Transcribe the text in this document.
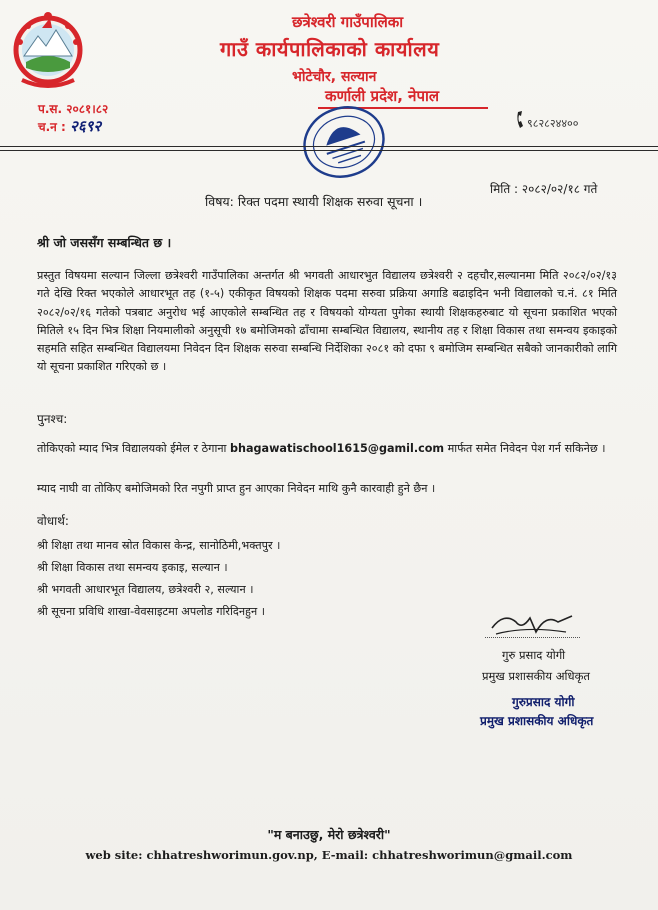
छत्रेश्वरी गाउँपालिका
गाउँ कार्यपालिकाको कार्यालय
भोटेचौर, सल्यान
कर्णाली प्रदेश, नेपाल
प.स. २०८१।८२
च.न : २६९२	९८२८२४४००
मिति : २०८२/०२/१८ गते
विषय: रिक्त पदमा स्थायी शिक्षक सरुवा सूचना ।
श्री जो जससँग सम्बन्धित छ ।
प्रस्तुत विषयमा सल्यान जिल्ला छत्रेश्वरी गाउँपालिका अन्तर्गत श्री भगवती आधारभुत विद्यालय छत्रेश्वरी २ दहचौर,सल्यानमा मिति २०८२/०२/१३ गते देखि रिक्त भएकोले आधारभूत तह (१-५) एकीकृत विषयको शिक्षक पदमा सरुवा प्रक्रिया अगाडि बढाइदिन भनी विद्यालको च.नं. ८१ मिति २०८२/०२/१६ गतेको पत्रबाट अनुरोध भई आएकोले सम्बन्धित तह र विषयको योग्यता पुगेका स्थायी शिक्षकहरुबाट यो सूचना प्रकाशित भएको मितिले १५ दिन भित्र शिक्षा नियमालीको अनुसूची १७ बमोजिमको ढाँचामा सम्बन्धित विद्यालय, स्थानीय तह र शिक्षा विकास तथा समन्वय इकाइको सहमति सहित सम्बन्धित विद्यालयमा निवेदन दिन शिक्षक सरुवा सम्बन्धि निर्देशिका २०८१ को दफा ९ बमोजिम सम्बन्धित सबैको जानकारीको लागि यो सूचना प्रकाशित गरिएको छ ।
पुनश्च:
तोकिएको म्याद भित्र विद्यालयको ईमेल र ठेगाना bhagawatischool1615@gamil.com मार्फत समेत निवेदन पेश गर्न सकिनेछ ।
म्याद नाघी वा तोकिए बमोजिमको रित नपुगी प्राप्त हुन आएका निवेदन माथि कुनै कारवाही हुने छैन ।
वोधार्थ:
श्री शिक्षा तथा मानव स्रोत विकास केन्द्र, सानोठिमी,भक्तपुर ।
श्री शिक्षा विकास तथा समन्वय इकाइ, सल्यान ।
श्री भगवती आधारभूत विद्यालय, छत्रेश्वरी २, सल्यान ।
श्री सूचना प्रविधि शाखा-वेवसाइटमा अपलोड गरिदिनहुन ।
गुरु प्रसाद योगी
प्रमुख प्रशासकीय अधिकृत
गुरुप्रसाद योगी
प्रमुख प्रशासकीय अधिकृत
"म बनाउछु, मेरो छत्रेश्वरी"
web site: chhatreshworimun.gov.np, E-mail: chhatreshworimun@gmail.com
